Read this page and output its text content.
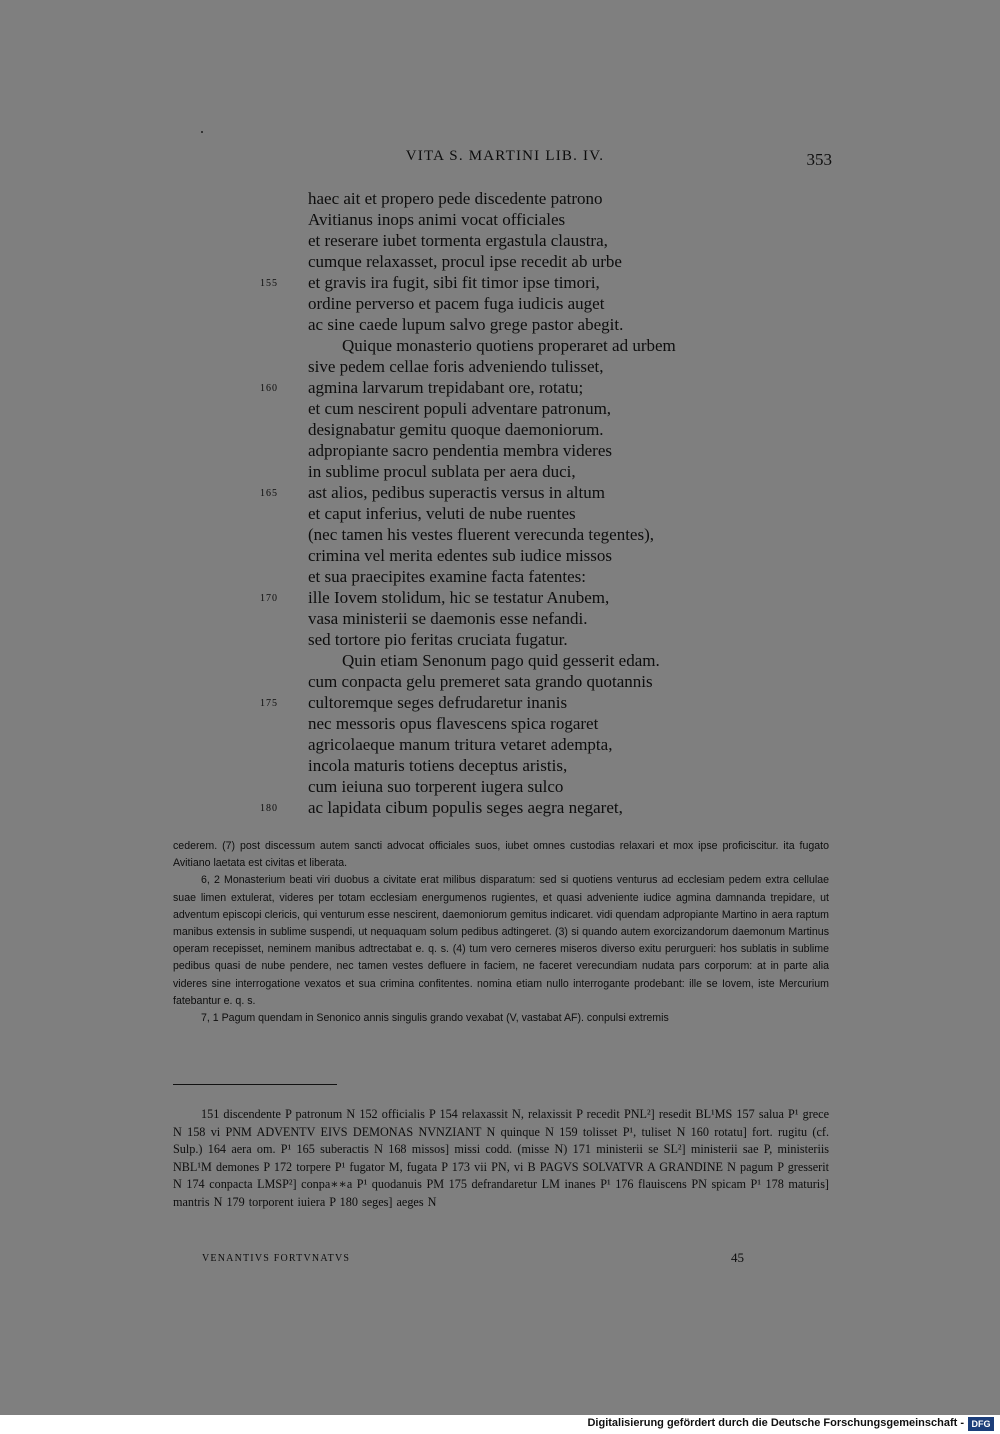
VITA S. MARTINI LIB. IV.	353
haec ait et propero pede discedente patrono
Avitianus inops animi vocat officiales
et reserare iubet tormenta ergastula claustra,
cumque relaxasset, procul ipse recedit ab urbe
et gravis ira fugit, sibi fit timor ipse timori,
ordine perverso et pacem fuga iudicis auget
ac sine caede lupum salvo grege pastor abegit.
Quique monasterio quotiens properaret ad urbem
sive pedem cellae foris adveniendo tulisset,
agmina larvarum trepidabant ore, rotatu;
et cum nescirent populi adventare patronum,
designabatur gemitu quoque daemoniorum.
adpropiante sacro pendentia membra videres
in sublime procul sublata per aera duci,
ast alios, pedibus superactis versus in altum
et caput inferius, veluti de nube ruentes
(nec tamen his vestes fluerent verecunda tegentes),
crimina vel merita edentes sub iudice missos
et sua praecipites examine facta fatentes:
ille Iovem stolidum, hic se testatur Anubem,
vasa ministerii se daemonis esse nefandi.
sed tortore pio feritas cruciata fugatur.
Quin etiam Senonum pago quid gesserit edam.
cum conpacta gelu premeret sata grando quotannis
cultoremque seges defrudaretur inanis
nec messoris opus flavescens spica rogaret
agricolaeque manum tritura vetaret adempta,
incola maturis totiens deceptus aristis,
cum ieiuna suo torperent iugera sulco
ac lapidata cibum populis seges aegra negaret,
155
160
165
170
175
180

cederem. (7) post discessum autem sancti advocat officiales suos, iubet omnes custodias relaxari et mox ipse proficiscitur. ita fugato Avitiano laetata est civitas et liberata.

6, 2 Monasterium beati viri duobus a civitate erat milibus disparatum: sed si quotiens venturus ad ecclesiam pedem extra cellulae suae limen extulerat, videres per totam ecclesiam energumenos rugientes, et quasi adveniente iudice agmina damnanda trepidare, ut adventum episcopi clericis, qui venturum esse nescirent, daemoniorum gemitus indicaret. vidi quendam adpropiante Martino in aera raptum manibus extensis in sublime suspendi, ut nequaquam solum pedibus adtingeret. (3) si quando autem exorcizandorum daemonum Martinus operam recepisset, neminem manibus adtrectabat e. q. s. (4) tum vero cerneres miseros diverso exitu perurgueri: hos sublatis in sublime pedibus quasi de nube pendere, nec tamen vestes defluere in faciem, ne faceret verecundiam nudata pars corporum: at in parte alia videres sine interrogatione vexatos et sua crimina confitentes. nomina etiam nullo interrogante prodebant: ille se Iovem, iste Mercurium fatebantur e. q. s.

7, 1 Pagum quendam in Senonico annis singulis grando vexabat (V, vastabat AF). conpulsi extremis

151 discendente P patronum N 152 officialis P 154 relaxassit N, relaxissit P recedit PNL²] resedit BL¹MS 157 salua P¹ grece N 158 vi PNM ADVENTV EIVS DEMONAS NVNZIANT N quinque N 159 tolisset P¹, tuliset N 160 rotatu] fort. rugitu (cf. Sulp.) 164 aera om. P¹ 165 suberactis N 168 missos] missi codd. (misse N) 171 ministerii se SL²] ministerii sae P, ministeriis NBL¹M demones P 172 torpere P¹ fugator M, fugata P 173 vii PN, vi B PAGVS SOLVATVR A GRANDINE N pagum P gresserit N 174 conpacta LMSP²] conpa∗∗a P¹ quodanuis PM 175 defrandaretur LM inanes P¹ 176 flauiscens PN spicam P¹ 178 maturis] mantris N 179 torporent iuiera P 180 seges] aeges N

VENANTIVS FORTVNATVS	45
Digitalisierung gefördert durch die Deutsche Forschungsgemeinschaft - DFG
